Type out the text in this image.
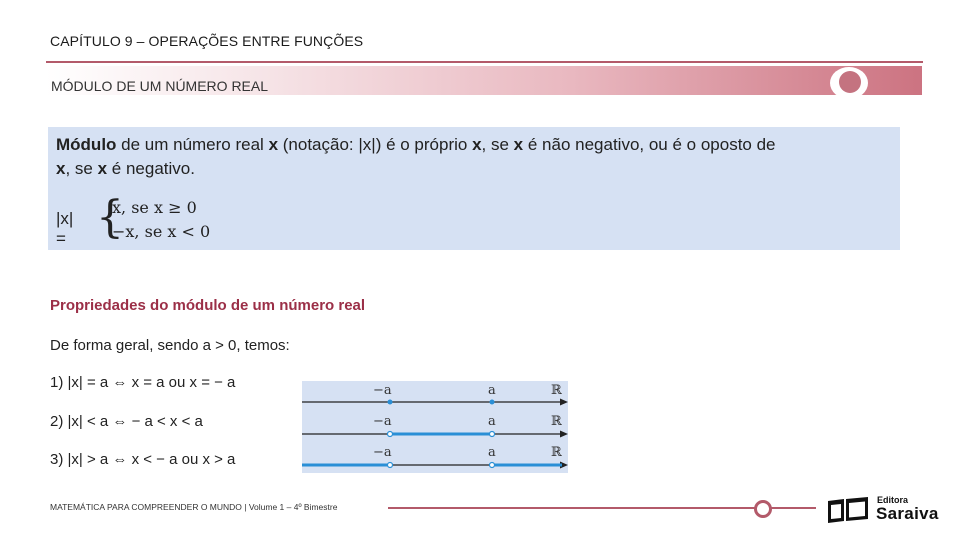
CAPÍTULO 9 – OPERAÇÕES ENTRE FUNÇÕES
MÓDULO DE UM NÚMERO REAL
Módulo de um número real x (notação: |x|) é o próprio x, se x é não negativo, ou é o oposto de
x, se x é negativo.
|x| = {
x, se x ≥ 0
−x, se x < 0
Propriedades do módulo de um número real
De forma geral, sendo a > 0, temos:
1) |x| = a ⇔ x = a ou x = − a
2) |x| < a ⇔ − a < x < a
3) |x| > a ⇔ x < − a ou x > a
−a	a	ℝ
−a	a	ℝ
−a	a	ℝ
MATEMÁTICA PARA COMPREENDER O MUNDO | Volume 1 – 4º Bimestre
Editora
Saraiva
